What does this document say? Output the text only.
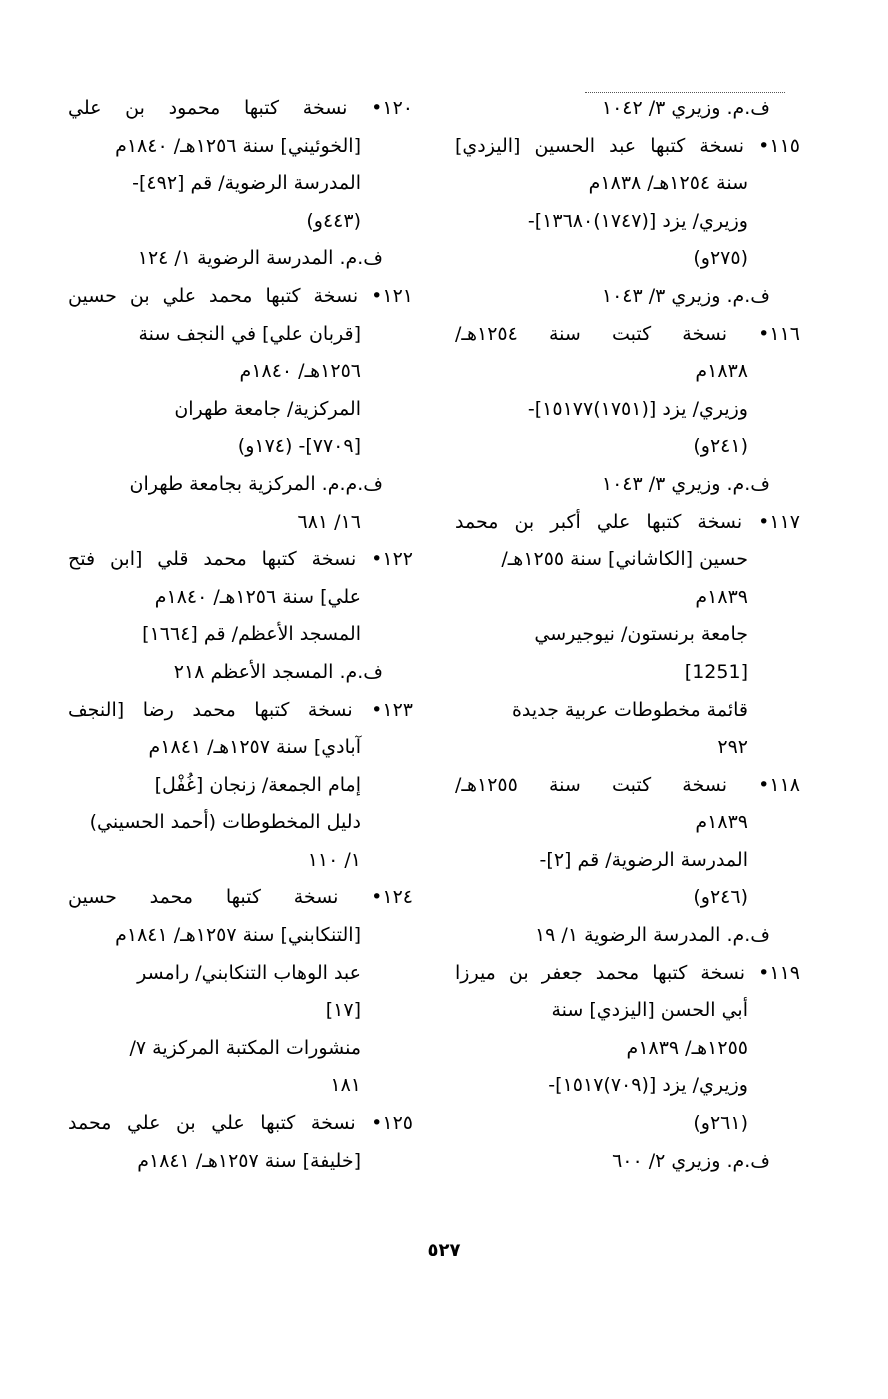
ف.م. وزيري ٣/ ١٠٤٢
١١٥• نسخة كتبها عبد الحسين [اليزدي]
سنة ١٢٥٤هـ/ ١٨٣٨م
وزيري/ يزد [(١٧٤٧)١٣٦٨٠]-
(٢٧٥و)
ف.م. وزيري ٣/ ١٠٤٣
١١٦• نسخة كتبت سنة ١٢٥٤هـ/
١٨٣٨م
وزيري/ يزد [(١٧٥١)١٥١٧٧]-
(٢٤١و)
ف.م. وزيري ٣/ ١٠٤٣
١١٧• نسخة كتبها علي أكبر بن محمد
حسين [الكاشاني] سنة ١٢٥٥هـ/
١٨٣٩م
جامعة برنستون/ نيوجيرسي
[1251]
قائمة مخطوطات عربية جديدة
٢٩٢
١١٨• نسخة كتبت سنة ١٢٥٥هـ/
١٨٣٩م
المدرسة الرضوية/ قم [٢]-
(٢٤٦و)
ف.م. المدرسة الرضوية ١/ ١٩
١١٩• نسخة كتبها محمد جعفر بن ميرزا
أبي الحسن [اليزدي] سنة
١٢٥٥هـ/ ١٨٣٩م
وزيري/ يزد [(٧٠٩)١٥١٧]-
(٢٦١و)
ف.م. وزيري ٢/ ٦٠٠
١٢٠• نسخة كتبها محمود بن علي
[الخوئيني] سنة ١٢٥٦هـ/ ١٨٤٠م
المدرسة الرضوية/ قم [٤٩٢]-
(٤٤٣و)
ف.م. المدرسة الرضوية ١/ ١٢٤
١٢١• نسخة كتبها محمد علي بن حسين
[قربان علي] في النجف سنة
١٢٥٦هـ/ ١٨٤٠م
المركزية/ جامعة طهران
[٧٧٠٩]- (١٧٤و)
ف.م.م. المركزية بجامعة طهران
١٦/ ٦٨١
١٢٢• نسخة كتبها محمد قلي [ابن فتح
علي] سنة ١٢٥٦هـ/ ١٨٤٠م
المسجد الأعظم/ قم [١٦٦٤]
ف.م. المسجد الأعظم ٢١٨
١٢٣• نسخة كتبها محمد رضا [النجف
آبادي] سنة ١٢٥٧هـ/ ١٨٤١م
إمام الجمعة/ زنجان [غُفْل]
دليل المخطوطات (أحمد الحسيني)
١/ ١١٠
١٢٤• نسخة كتبها محمد حسين
[التنكابني] سنة ١٢٥٧هـ/ ١٨٤١م
عبد الوهاب التنكابني/ رامسر
[١٧]
منشورات المكتبة المركزية ٧/
١٨١
١٢٥• نسخة كتبها علي بن علي محمد
[خليفة] سنة ١٢٥٧هـ/ ١٨٤١م
٥٢٧
